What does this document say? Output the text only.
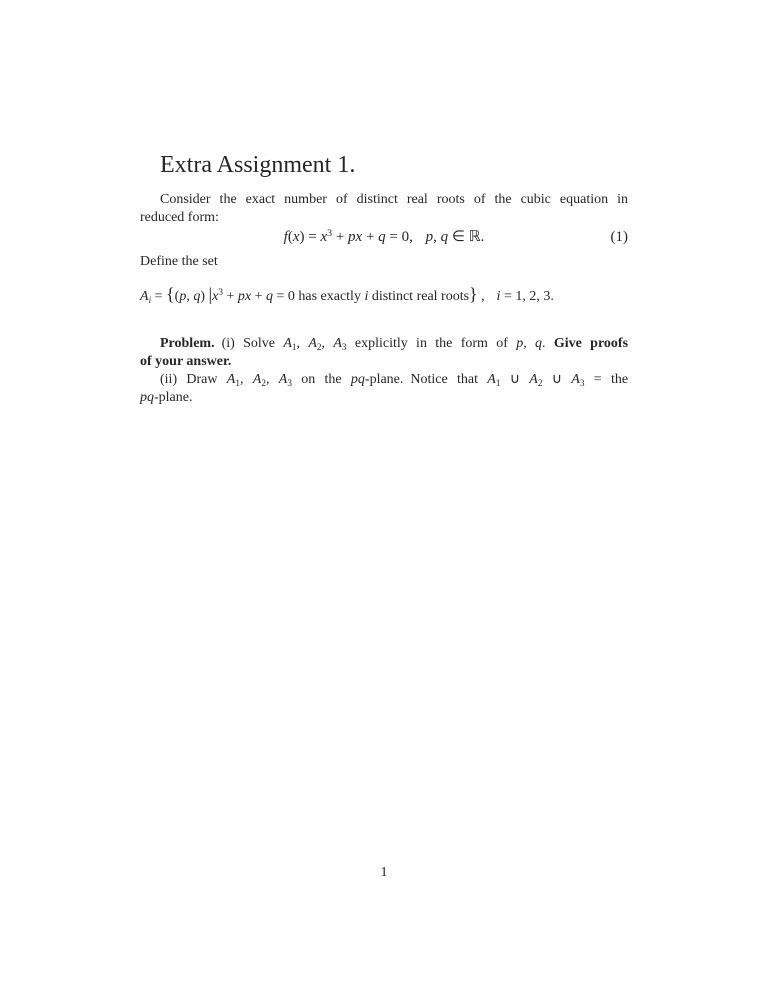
Extra Assignment 1.
Consider the exact number of distinct real roots of the cubic equation in
reduced form:
$f(x) = x^3$ + px + q = 0, p, q ∈ ℝ.	(1)
Define the set
$A_i = \{(p$, q) $|x^3$ + px + q = 0 has exactly i distinct real roots} , i = 1, 2, 3.
Problem. (i) Solve $A_1$, $A_2$, $A_3$ explicitly in the form of p, q. Give proofs
of your answer.
(ii) Draw $A_1$, $A_2$, $A_3$ on the pq-plane. Notice that $A_1$ ∪ $A_2$ ∪ $A_3$ = the
pq-plane.
1
